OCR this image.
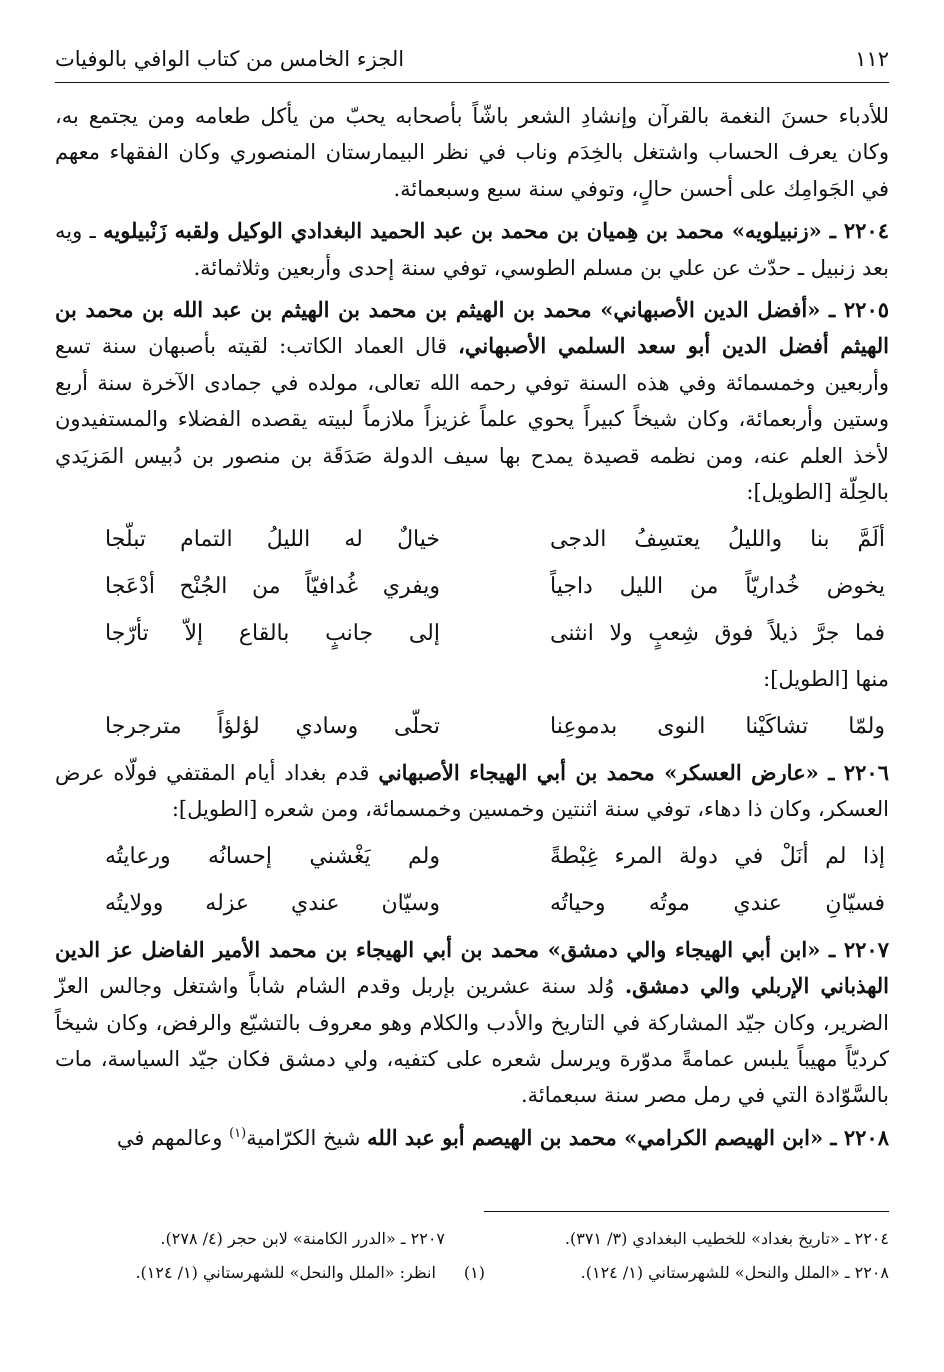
١١٢
الجزء الخامس من كتاب الوافي بالوفيات

للأدباء حسنَ النغمة بالقرآن وإنشادِ الشعر باشّاً بأصحابه يحبّ من يأكل طعامه ومن يجتمع به، وكان يعرف الحساب واشتغل بالخِدَم وناب في نظر البيمارستان المنصوري وكان الفقهاء معهم في الجَوامِك على أحسن حالٍ، وتوفي سنة سبع وسبعمائة.

٢٢٠٤ ـ «زنبيلويه» محمد بن هِميان بن محمد بن عبد الحميد البغدادي الوكيل ولقبه زَنْبيلويه ـ ويه بعد زنبيل ـ حدّث عن علي بن مسلم الطوسي، توفي سنة إحدى وأربعين وثلاثمائة.

٢٢٠٥ ـ «أفضل الدين الأصبهاني» محمد بن الهيثم بن محمد بن الهيثم بن عبد الله بن محمد بن الهيثم أفضل الدين أبو سعد السلمي الأصبهاني، قال العماد الكاتب: لقيته بأصبهان سنة تسع وأربعين وخمسمائة وفي هذه السنة توفي رحمه الله تعالى، مولده في جمادى الآخرة سنة أربع وستين وأربعمائة، وكان شيخاً كبيراً يحوي علماً غزيزاً ملازماً لبيته يقصده الفضلاء والمستفيدون لأخذ العلم عنه، ومن نظمه قصيدة يمدح بها سيف الدولة صَدَقَة بن منصور بن دُبيس المَزيَدي بالحِلّة [الطويل]:

ألَمَّ بنا والليلُ يعتسِفُ الدجى
خيالٌ له الليلُ التمام تبلّجا
يخوض خُداريّاً من الليل داجياً
ويفري غُدافيّاً من الجُنْح أدْعَجا
فما جرَّ ذيلاً فوق شِعبٍ ولا انثنى
إلى جانبٍ بالقاع إلاّ تأرّجا

منها [الطويل]:

ولمّا تشاكَيْنا النوى بدموعِنا
تحلّى وسادي لؤلؤاً مترجرجا

٢٢٠٦ ـ «عارض العسكر» محمد بن أبي الهيجاء الأصبهاني قدم بغداد أيام المقتفي فولّاه عرض العسكر، وكان ذا دهاء، توفي سنة اثنتين وخمسين وخمسمائة، ومن شعره [الطويل]:

إذا لم أنَلْ في دولة المرء غِبْطةً
ولم يَغْشني إحسانُه ورعايتُه
فسيّانِ عندي موتُه وحياتُه
وسيّان عندي عزله وولايتُه

٢٢٠٧ ـ «ابن أبي الهيجاء والي دمشق» محمد بن أبي الهيجاء بن محمد الأمير الفاضل عز الدين الهذباني الإربلي والي دمشق. وُلد سنة عشرين بإربل وقدم الشام شاباً واشتغل وجالس العزّ الضرير، وكان جيّد المشاركة في التاريخ والأدب والكلام وهو معروف بالتشيّع والرفض، وكان شيخاً كرديّاً مهيباً يلبس عمامةً مدوّرة ويرسل شعره على كتفيه، ولي دمشق فكان جيّد السياسة، مات بالسَّوّادة التي في رمل مصر سنة سبعمائة.

٢٢٠٨ ـ «ابن الهيصم الكرامي» محمد بن الهيصم أبو عبد الله شيخ الكرّامية$^{(١)}$ وعالمهم في

٢٢٠٤ ـ «تاريخ بغداد» للخطيب البغدادي (٣/ ٣٧١).
٢٢٠٧ ـ «الدرر الكامنة» لابن حجر (٤/ ٢٧٨).
٢٢٠٨ ـ «الملل والنحل» للشهرستاني (١/ ١٢٤).
(١)
انظر: «الملل والنحل» للشهرستاني (١/ ١٢٤).
